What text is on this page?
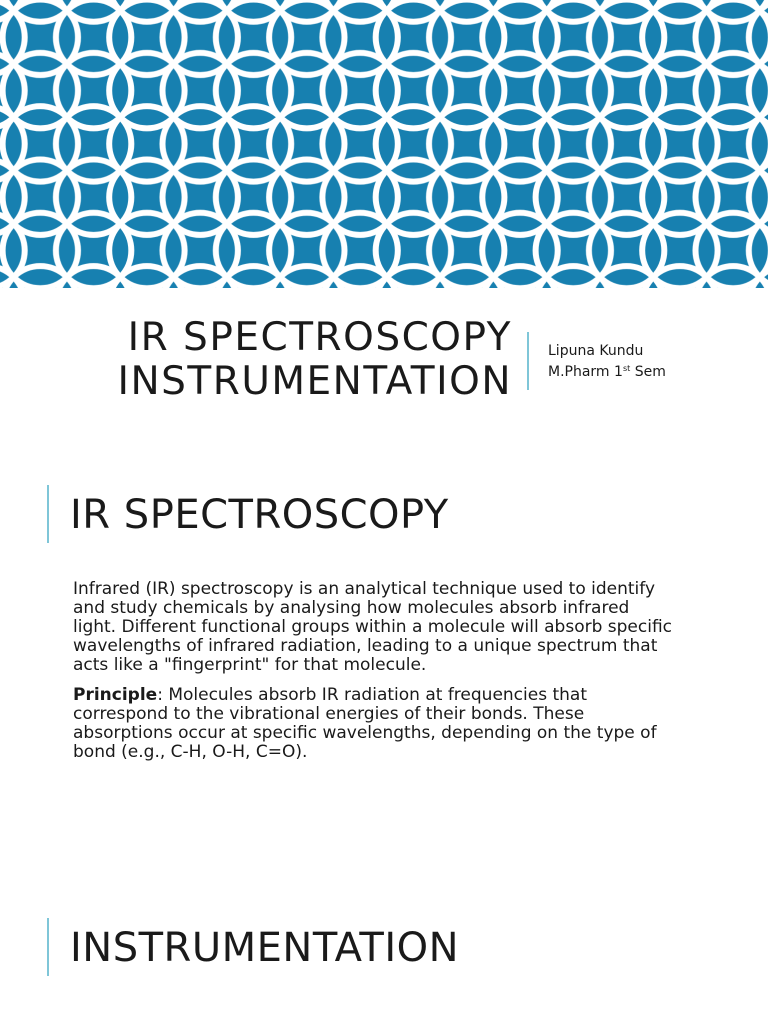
IR SPECTROSCOPY
INSTRUMENTATION
Lipuna Kundu
M.Pharm 1st Sem
IR SPECTROSCOPY

Infrared (IR) spectroscopy is an analytical technique used to identify and study chemicals by analysing how molecules absorb infrared light. Different functional groups within a molecule will absorb specific wavelengths of infrared radiation, leading to a unique spectrum that acts like a "fingerprint" for that molecule.

Principle: Molecules absorb IR radiation at frequencies that correspond to the vibrational energies of their bonds. These absorptions occur at specific wavelengths, depending on the type of bond (e.g., C-H, O-H, C=O).

INSTRUMENTATION
